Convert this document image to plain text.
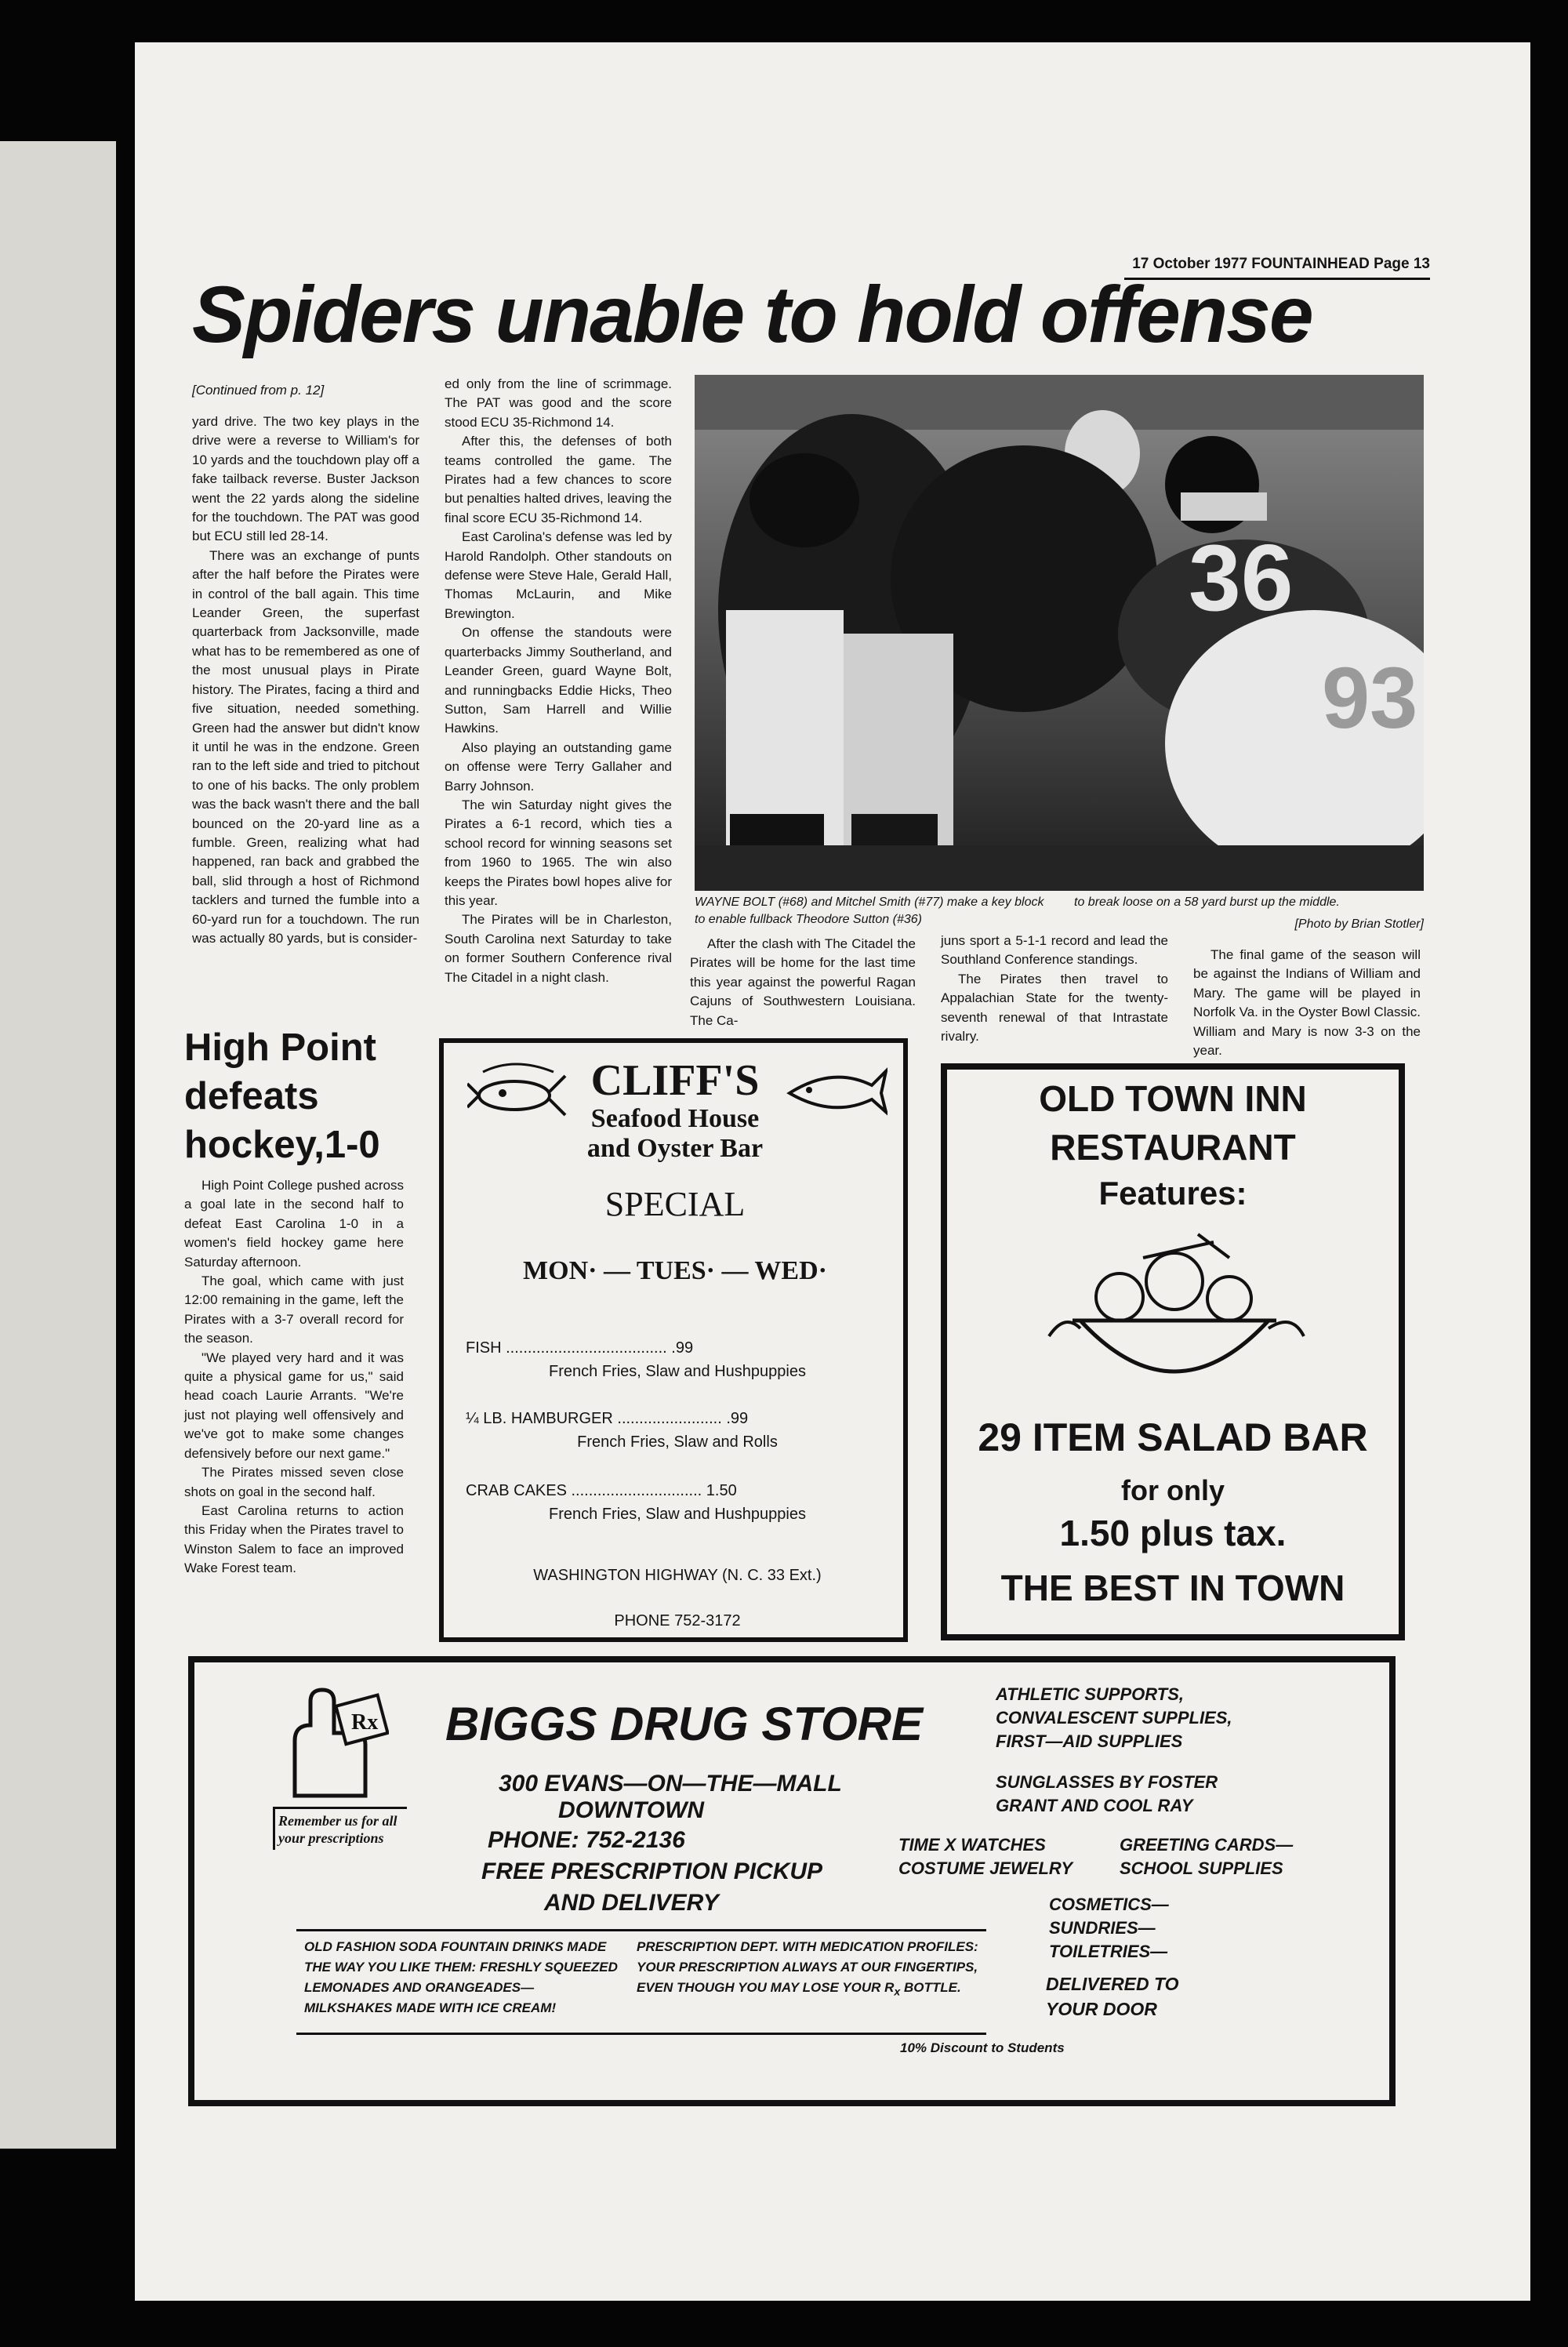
17 October 1977 FOUNTAINHEAD Page 13
Spiders unable to hold offense
[Continued from p. 12]

yard drive. The two key plays in the drive were a reverse to William's for 10 yards and the touchdown play off a fake tailback reverse. Buster Jackson went the 22 yards along the sideline for the touchdown. The PAT was good but ECU still led 28-14.

There was an exchange of punts after the half before the Pirates were in control of the ball again. This time Leander Green, the superfast quarterback from Jacksonville, made what has to be remembered as one of the most unusual plays in Pirate history. The Pirates, facing a third and five situation, needed something. Green had the answer but didn't know it until he was in the endzone. Green ran to the left side and tried to pitchout to one of his backs. The only problem was the back wasn't there and the ball bounced on the 20-yard line as a fumble. Green, realizing what had happened, ran back and grabbed the ball, slid through a host of Richmond tacklers and turned the fumble into a 60-yard run for a touchdown. The run was actually 80 yards, but is consider-

ed only from the line of scrimmage. The PAT was good and the score stood ECU 35-Richmond 14.

After this, the defenses of both teams controlled the game. The Pirates had a few chances to score but penalties halted drives, leaving the final score ECU 35-Richmond 14.

East Carolina's defense was led by Harold Randolph. Other standouts on defense were Steve Hale, Gerald Hall, Thomas McLaurin, and Mike Brewington.

On offense the standouts were quarterbacks Jimmy Southerland, and Leander Green, guard Wayne Bolt, and runningbacks Eddie Hicks, Theo Sutton, Sam Harrell and Willie Hawkins.

Also playing an outstanding game on offense were Terry Gallaher and Barry Johnson.

The win Saturday night gives the Pirates a 6-1 record, which ties a school record for winning seasons set from 1960 to 1965. The win also keeps the Pirates bowl hopes alive for this year.

The Pirates will be in Charleston, South Carolina next Saturday to take on former Southern Conference rival The Citadel in a night clash.

36
93
WAYNE BOLT (#68) and Mitchel Smith (#77) make a key block to enable fullback Theodore Sutton (#36)
to break loose on a 58 yard burst up the middle.
[Photo by Brian Stotler]

After the clash with The Citadel the Pirates will be home for the last time this year against the powerful Ragan Cajuns of Southwestern Louisiana. The Ca-

juns sport a 5-1-1 record and lead the Southland Conference standings.

The Pirates then travel to Appalachian State for the twenty-seventh renewal of that Intrastate rivalry.

The final game of the season will be against the Indians of William and Mary. The game will be played in Norfolk Va. in the Oyster Bowl Classic. William and Mary is now 3-3 on the year.

High Point
defeats
hockey,1-0

High Point College pushed across a goal late in the second half to defeat East Carolina 1-0 in a women's field hockey game here Saturday afternoon.

The goal, which came with just 12:00 remaining in the game, left the Pirates with a 3-7 overall record for the season.

"We played very hard and it was quite a physical game for us," said head coach Laurie Arrants. "We're just not playing well offensively and we've got to make some changes defensively before our next game."

The Pirates missed seven close shots on goal in the second half.

East Carolina returns to action this Friday when the Pirates travel to Winston Salem to face an improved Wake Forest team.

CLIFF'S
Seafood House
and Oyster Bar
SPECIAL
MON· — TUES· — WED·
FISH ..................................... .99
French Fries, Slaw and Hushpuppies
¼ LB. HAMBURGER ........................ .99
French Fries, Slaw and Rolls
CRAB CAKES .............................. 1.50
French Fries, Slaw and Hushpuppies
WASHINGTON HIGHWAY (N. C. 33 Ext.)
PHONE 752-3172
OLD TOWN INN
RESTAURANT
Features:
29 ITEM SALAD BAR
for only
1.50 plus tax.
THE BEST IN TOWN
Rx
Remember us for all your prescriptions
BIGGS DRUG STORE
300 EVANS—ON—THE—MALL
DOWNTOWN
PHONE: 752-2136
FREE PRESCRIPTION PICKUP
AND DELIVERY
ATHLETIC SUPPORTS,
CONVALESCENT SUPPLIES,
FIRST—AID SUPPLIES
SUNGLASSES BY FOSTER
GRANT AND COOL RAY
TIME X WATCHES
COSTUME JEWELRY
GREETING CARDS—
SCHOOL SUPPLIES
COSMETICS—
SUNDRIES—
TOILETRIES—
DELIVERED TO
YOUR DOOR
OLD FASHION SODA FOUNTAIN DRINKS MADE THE WAY YOU LIKE THEM: FRESHLY SQUEEZED LEMONADES AND ORANGEADES— MILKSHAKES MADE WITH ICE CREAM!
PRESCRIPTION DEPT. WITH MEDICATION PROFILES: YOUR PRESCRIPTION ALWAYS AT OUR FINGERTIPS, EVEN THOUGH YOU MAY LOSE YOUR $R_x$ BOTTLE.
10% Discount to Students
